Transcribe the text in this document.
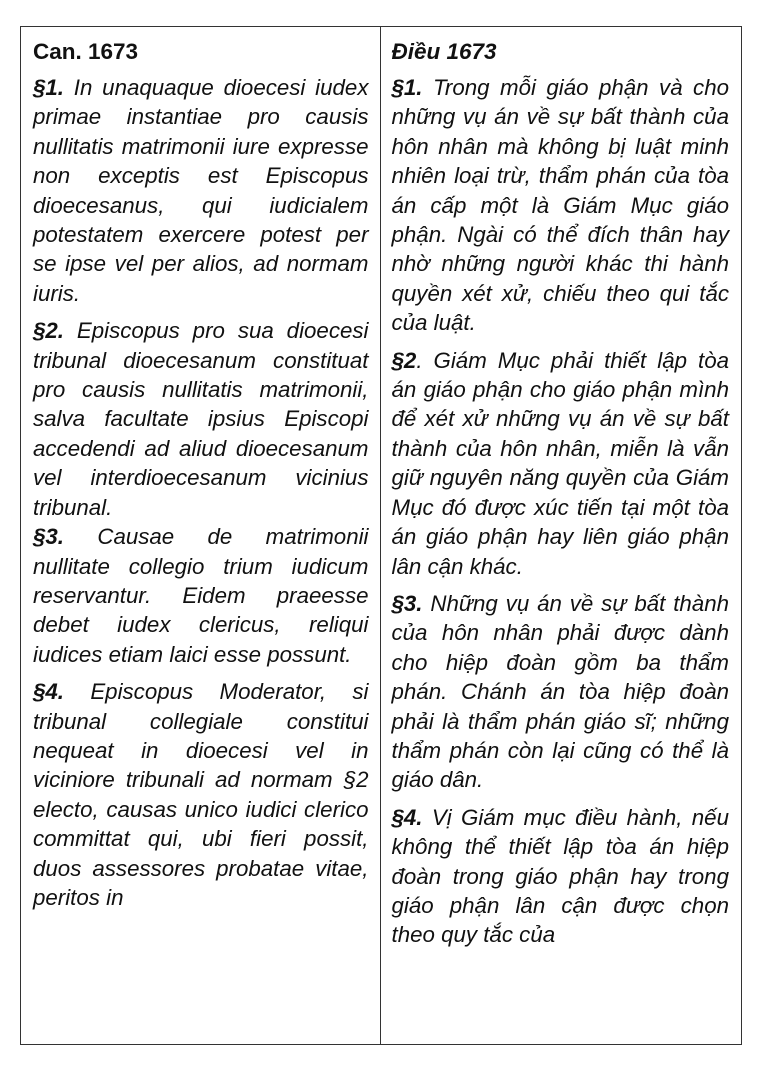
Can. 1673

§1. In unaquaque dioecesi iudex primae instantiae pro causis nullitatis matrimonii iure expresse non exceptis est Episcopus dioecesanus, qui iudicialem potestatem exercere potest per se ipse vel per alios, ad normam iuris.

§2. Episcopus pro sua dioecesi tribunal dioecesanum constituat pro causis nullitatis matrimonii, salva facultate ipsius Episcopi accedendi ad aliud dioecesanum vel interdioecesanum vicinius tribunal.

§3. Causae de matrimonii nullitate collegio trium iudicum reservantur. Eidem praeesse debet iudex clericus, reliqui iudices etiam laici esse possunt.

§4. Episcopus Moderator, si tribunal collegiale constitui nequeat in dioecesi vel in viciniore tribunali ad normam §2 electo, causas unico iudici clerico committat qui, ubi fieri possit, duos assessores probatae vitae, peritos in

Điều 1673

§1. Trong mỗi giáo phận và cho những vụ án về sự bất thành của hôn nhân mà không bị luật minh nhiên loại trừ, thẩm phán của tòa án cấp một là Giám Mục giáo phận. Ngài có thể đích thân hay nhờ những người khác thi hành quyền xét xử, chiếu theo qui tắc của luật.

§2. Giám Mục phải thiết lập tòa án giáo phận cho giáo phận mình để xét xử những vụ án về sự bất thành của hôn nhân, miễn là vẫn giữ nguyên năng quyền của Giám Mục đó được xúc tiến tại một tòa án giáo phận hay liên giáo phận lân cận khác.

§3. Những vụ án về sự bất thành của hôn nhân phải được dành cho hiệp đoàn gồm ba thẩm phán. Chánh án tòa hiệp đoàn phải là thẩm phán giáo sĩ; những thẩm phán còn lại cũng có thể là giáo dân.

§4. Vị Giám mục điều hành, nếu không thể thiết lập tòa án hiệp đoàn trong giáo phận hay trong giáo phận lân cận được chọn theo quy tắc của
